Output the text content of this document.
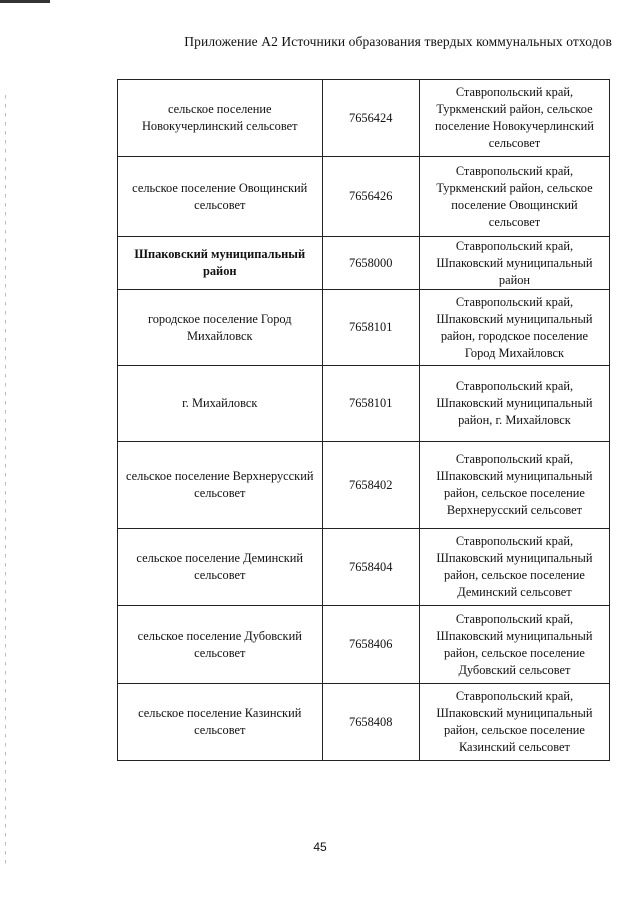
Приложение А2 Источники образования твердых коммунальных отходов
сельское поселение Новокучерлинский сельсовет	7656424	Ставропольский край, Туркменский район, сельское поселение Новокучерлинский сельсовет
сельское поселение Овощинский сельсовет	7656426	Ставропольский край, Туркменский район, сельское поселение Овощинский сельсовет
Шпаковский муниципальный район	7658000	Ставропольский край, Шпаковский муниципальный район
городское поселение Город Михайловск	7658101	Ставропольский край, Шпаковский муниципальный район, городское поселение Город Михайловск
г. Михайловск	7658101	Ставропольский край, Шпаковский муниципальный район, г. Михайловск
сельское поселение Верхнерусский сельсовет	7658402	Ставропольский край, Шпаковский муниципальный район, сельское поселение Верхнерусский сельсовет
сельское поселение Деминский сельсовет	7658404	Ставропольский край, Шпаковский муниципальный район, сельское поселение Деминский сельсовет
сельское поселение Дубовский сельсовет	7658406	Ставропольский край, Шпаковский муниципальный район, сельское поселение Дубовский сельсовет
сельское поселение Казинский сельсовет	7658408	Ставропольский край, Шпаковский муниципальный район, сельское поселение Казинский сельсовет
45
